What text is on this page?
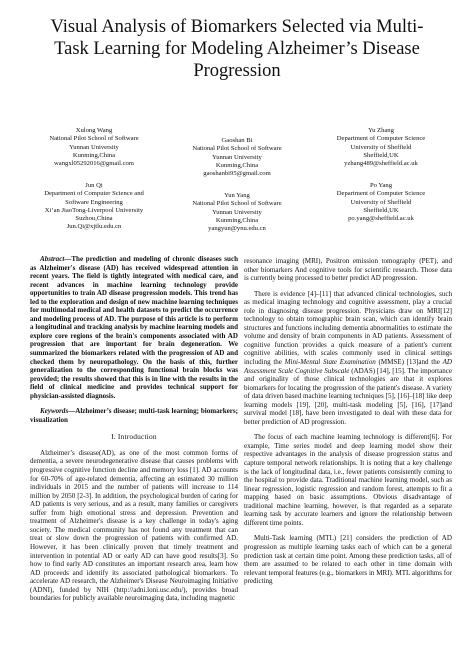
Visual Analysis of Biomarkers Selected via Multi-
Task Learning for Modeling Alzheimer’s Disease
Progression
Xulong Wang
National Pilot School of Software
Yunnan University
Kunming,China
wangxl05292016@gmail.com
Gaoshan Bi
National Pilot School of Software
Yunnan University
Kunming,China
gaoshanbi95@gmail.com
Yu Zhang
Department of Computer Science
University of Sheffield
Sheffield,UK
yzhang489@sheffield.ac.uk
Jun Qi
Department of Computer Science and
Software Engineering
Xi’an JiaoTong-Liverpool University
Suzhou,China
Jun.Qi@xjtlu.edu.cn
Yun Yang
National Pilot School of Software
Yunnan University
Kunming,China
yangyun@ynu.edu.cn
Po Yang
Department of Computer Science
University of Sheffield
Sheffield,UK
po.yang@sheffield.ac.uk

Abstract—The prediction and modeling of chronic diseases such as Alzheimer's disease (AD) has received widespread attention in recent years. The field is tightly integrated with medical care, and recent advances in machine learning technology provide opportunities to train AD disease progression models. This trend has led to the exploration and design of new machine learning techniques for multimodal medical and health datasets to predict the occurrence and modeling process of AD. The purpose of this article is to perform a longitudinal and tracking analysis by machine learning models and explore core regions of the brain's components associated with AD progression that are important for brain degeneration. We summarized the biomarkers related with the progression of AD and checked them by neuropathology. On the basis of this, further generalization to the corresponding functional brain blocks was provided; the results showed that this is in line with the results in the field of clinical medicine and provides technical support for physician-assisted diagnosis.

Keywords—Alzheimer’s disease; multi-task learning; biomarkers; visualization

I. Introduction

Alzheimer’s disease(AD), as one of the most common forms of dementia, a severe neurodegenerative disease that causes problems with progressive cognitive function decline and memory loss [1]. AD accounts for 60-70% of age-related dementia, affecting an estimated 30 million individuals in 2015 and the number of patients will increase to 114 million by 2050 [2-3]. In addition, the psychological burden of caring for AD patients is very serious, and as a result, many families or caregivers suffer from high emotional stress and depression. Prevention and treatment of Alzheimer's disease is a key challenge in today's aging society. The medical community has not found any treatment that can treat or slow down the progression of patients with confirmed AD. However, it has been clinically proven that timely treatment and intervention in potential AD or early AD can have good results[3]. So how to find early AD constitutes an important research area, learn how AD proceeds and identify its associated pathological biomarkers. To accelerate AD research, the Alzheimer's Disease Neuroimaging Initiative (ADNI), funded by NIH (http://adni.loni.usc.edu/), provides broad boundaries for publicly available neuroimaging data, including magnetic

resonance imaging (MRI), Positron emission tomography (PET), and other biomarkers And cognitive tools for scientific research. Those data is currently being processed to better predict AD progression.

There is evidence [4]–[11] that advanced clinical technologies, such as medical imaging technology and cognitive assessment, play a crucial role in diagnosing disease progression. Physicians draw on MRI[12] technology to obtain tomographic brain scan, which can identify brain structures and functions including dementia abnormalities to estimate the volume and density of brain components in AD patients. Assessment of cognitive function provides a quick measure of a patient's current cognitive abilities, with scales commonly used in clinical settings including the Mini-Mental State Examination (MMSE) [13]and the AD Assessment Scale Cognitive Subscale (ADAS) [14], [15]. The importance and originality of those clinical technologies are that it explores biomarkers for locating the progression of the patient's disease. A variety of data driven based machine learning techniques [5], [16]–[18] like deep learning models [19], [20], multi-task modeling [5], [16], [17]and survival model [18], have been investigated to deal with these data for better prediction of AD progression.

The focus of each machine learning technology is different[6]. For example, Time series model and deep learning model show their respective advantages in the analysis of disease progression status and capture temporal network relationships. It is noting that a key challenge is the lack of longitudinal data, i.e., fewer patients consistently coming to the hospital to provide data. Traditional machine learning model, such as linear regression, logistic regression and random forest, attempts to fit a mapping based on basic assumptions. Obvious disadvantage of traditional machine learning, however, is that regarded as a separate learning task by accurate learners and ignore the relationship between different time points.

Multi-Task learning (MTL) [21] considers the prediction of AD progression as multiple learning tasks each of which can be a general prediction task at certain time point. Among these prediction tasks, all of them are assumed to be related to each other in time domain with relevant temporal features (e.g., biomarkers in MRI). MTL algorithms for predicting
